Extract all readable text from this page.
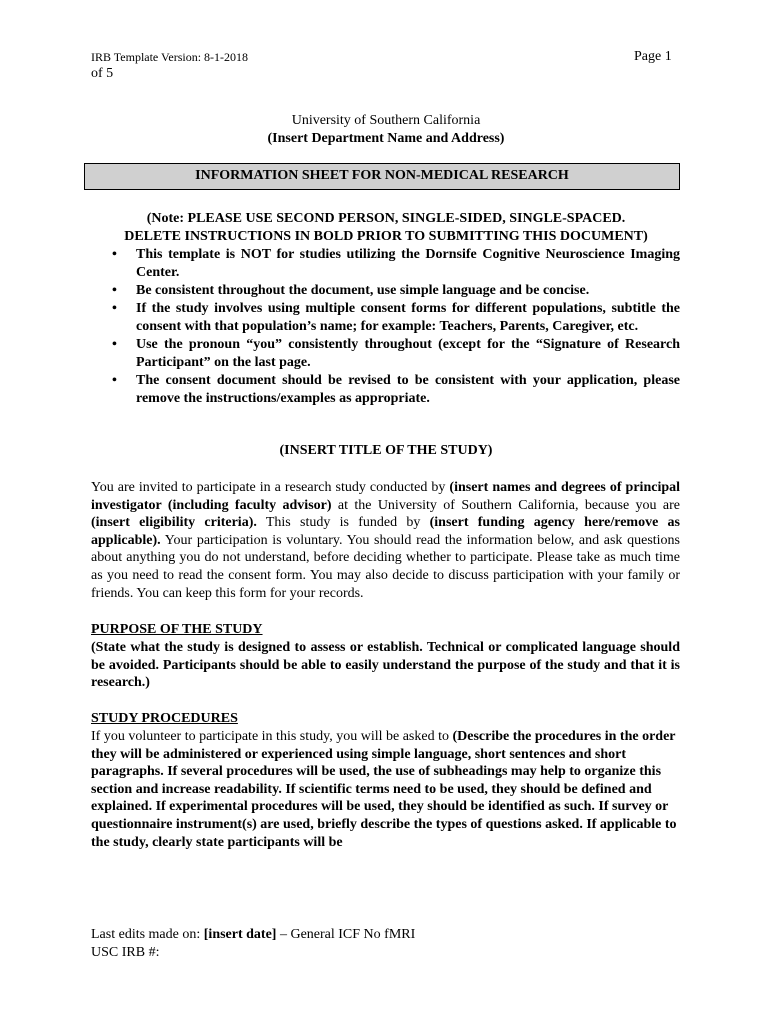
IRB Template Version: 8-1-2018
of 5
Page 1
University of Southern California
(Insert Department Name and Address)
INFORMATION SHEET FOR NON-MEDICAL RESEARCH
(Note: PLEASE USE SECOND PERSON, SINGLE-SIDED, SINGLE-SPACED.
DELETE INSTRUCTIONS IN BOLD PRIOR TO SUBMITTING THIS DOCUMENT)
• This template is NOT for studies utilizing the Dornsife Cognitive Neuroscience Imaging Center.
• Be consistent throughout the document, use simple language and be concise.
• If the study involves using multiple consent forms for different populations, subtitle the consent with that population’s name; for example: Teachers, Parents, Caregiver, etc.
• Use the pronoun “you” consistently throughout (except for the “Signature of Research Participant” on the last page.
• The consent document should be revised to be consistent with your application, please remove the instructions/examples as appropriate.
(INSERT TITLE OF THE STUDY)
You are invited to participate in a research study conducted by (insert names and degrees of principal investigator (including faculty advisor) at the University of Southern California, because you are (insert eligibility criteria). This study is funded by (insert funding agency here/remove as applicable). Your participation is voluntary. You should read the information below, and ask questions about anything you do not understand, before deciding whether to participate. Please take as much time as you need to read the consent form. You may also decide to discuss participation with your family or friends. You can keep this form for your records.
PURPOSE OF THE STUDY
(State what the study is designed to assess or establish. Technical or complicated language should be avoided. Participants should be able to easily understand the purpose of the study and that it is research.)
STUDY PROCEDURES
If you volunteer to participate in this study, you will be asked to (Describe the procedures in the order they will be administered or experienced using simple language, short sentences and short paragraphs. If several procedures will be used, the use of subheadings may help to organize this section and increase readability. If scientific terms need to be used, they should be defined and explained. If experimental procedures will be used, they should be identified as such. If survey or questionnaire instrument(s) are used, briefly describe the types of questions asked. If applicable to the study, clearly state participants will be
Last edits made on: [insert date] – General ICF No fMRI
USC IRB #:
